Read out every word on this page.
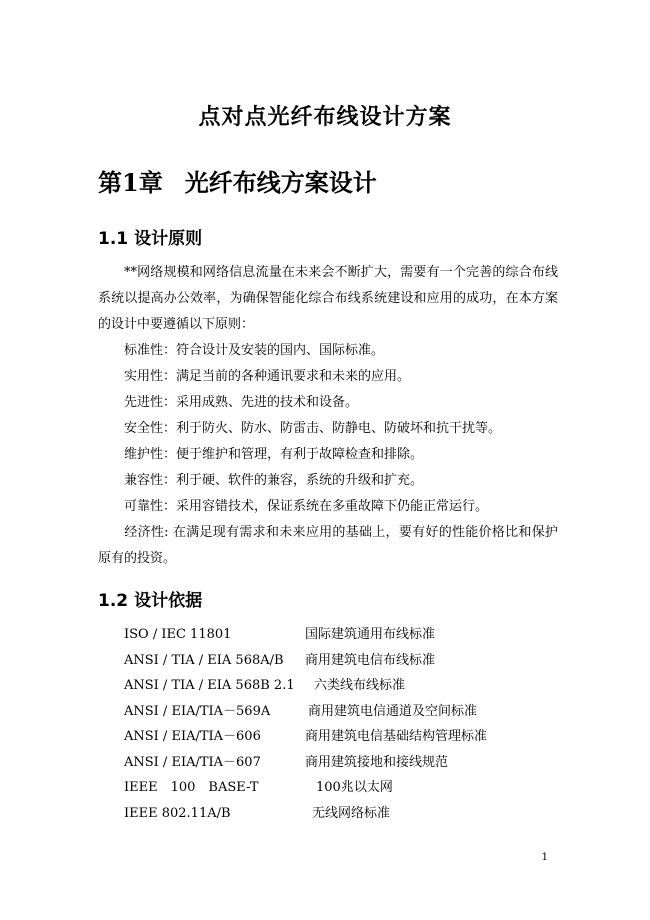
点对点光纤布线设计方案
第1章 光纤布线方案设计
1.1 设计原则
**网络规模和网络信息流量在未来会不断扩大，需要有一个完善的综合布线系统以提高办公效率，为确保智能化综合布线系统建设和应用的成功，在本方案的设计中要遵循以下原则：
标准性：符合设计及安装的国内、国际标准。
实用性：满足当前的各种通讯要求和未来的应用。
先进性：采用成熟、先进的技术和设备。
安全性：利于防火、防水、防雷击、防静电、防破坏和抗干扰等。
维护性：便于维护和管理，有利于故障检查和排除。
兼容性：利于硬、软件的兼容，系统的升级和扩充。
可靠性：采用容错技术，保证系统在多重故障下仍能正常运行。
经济性: 在满足现有需求和未来应用的基础上，要有好的性能价格比和保护原有的投资。
1.2 设计依据
ISO / IEC 11801	国际建筑通用布线标准
ANSI / TIA / EIA 568A/B 商用建筑电信布线标准
ANSI / TIA / EIA 568B 2.1 六类线布线标准
ANSI / EIA/TIA－569A	商用建筑电信通道及空间标准
ANSI / EIA/TIA－606	商用建筑电信基础结构管理标准
ANSI / EIA/TIA－607	商用建筑接地和接线规范
IEEE　100　BASE-T	100兆以太网
IEEE 802.11A/B	无线网络标准
1
